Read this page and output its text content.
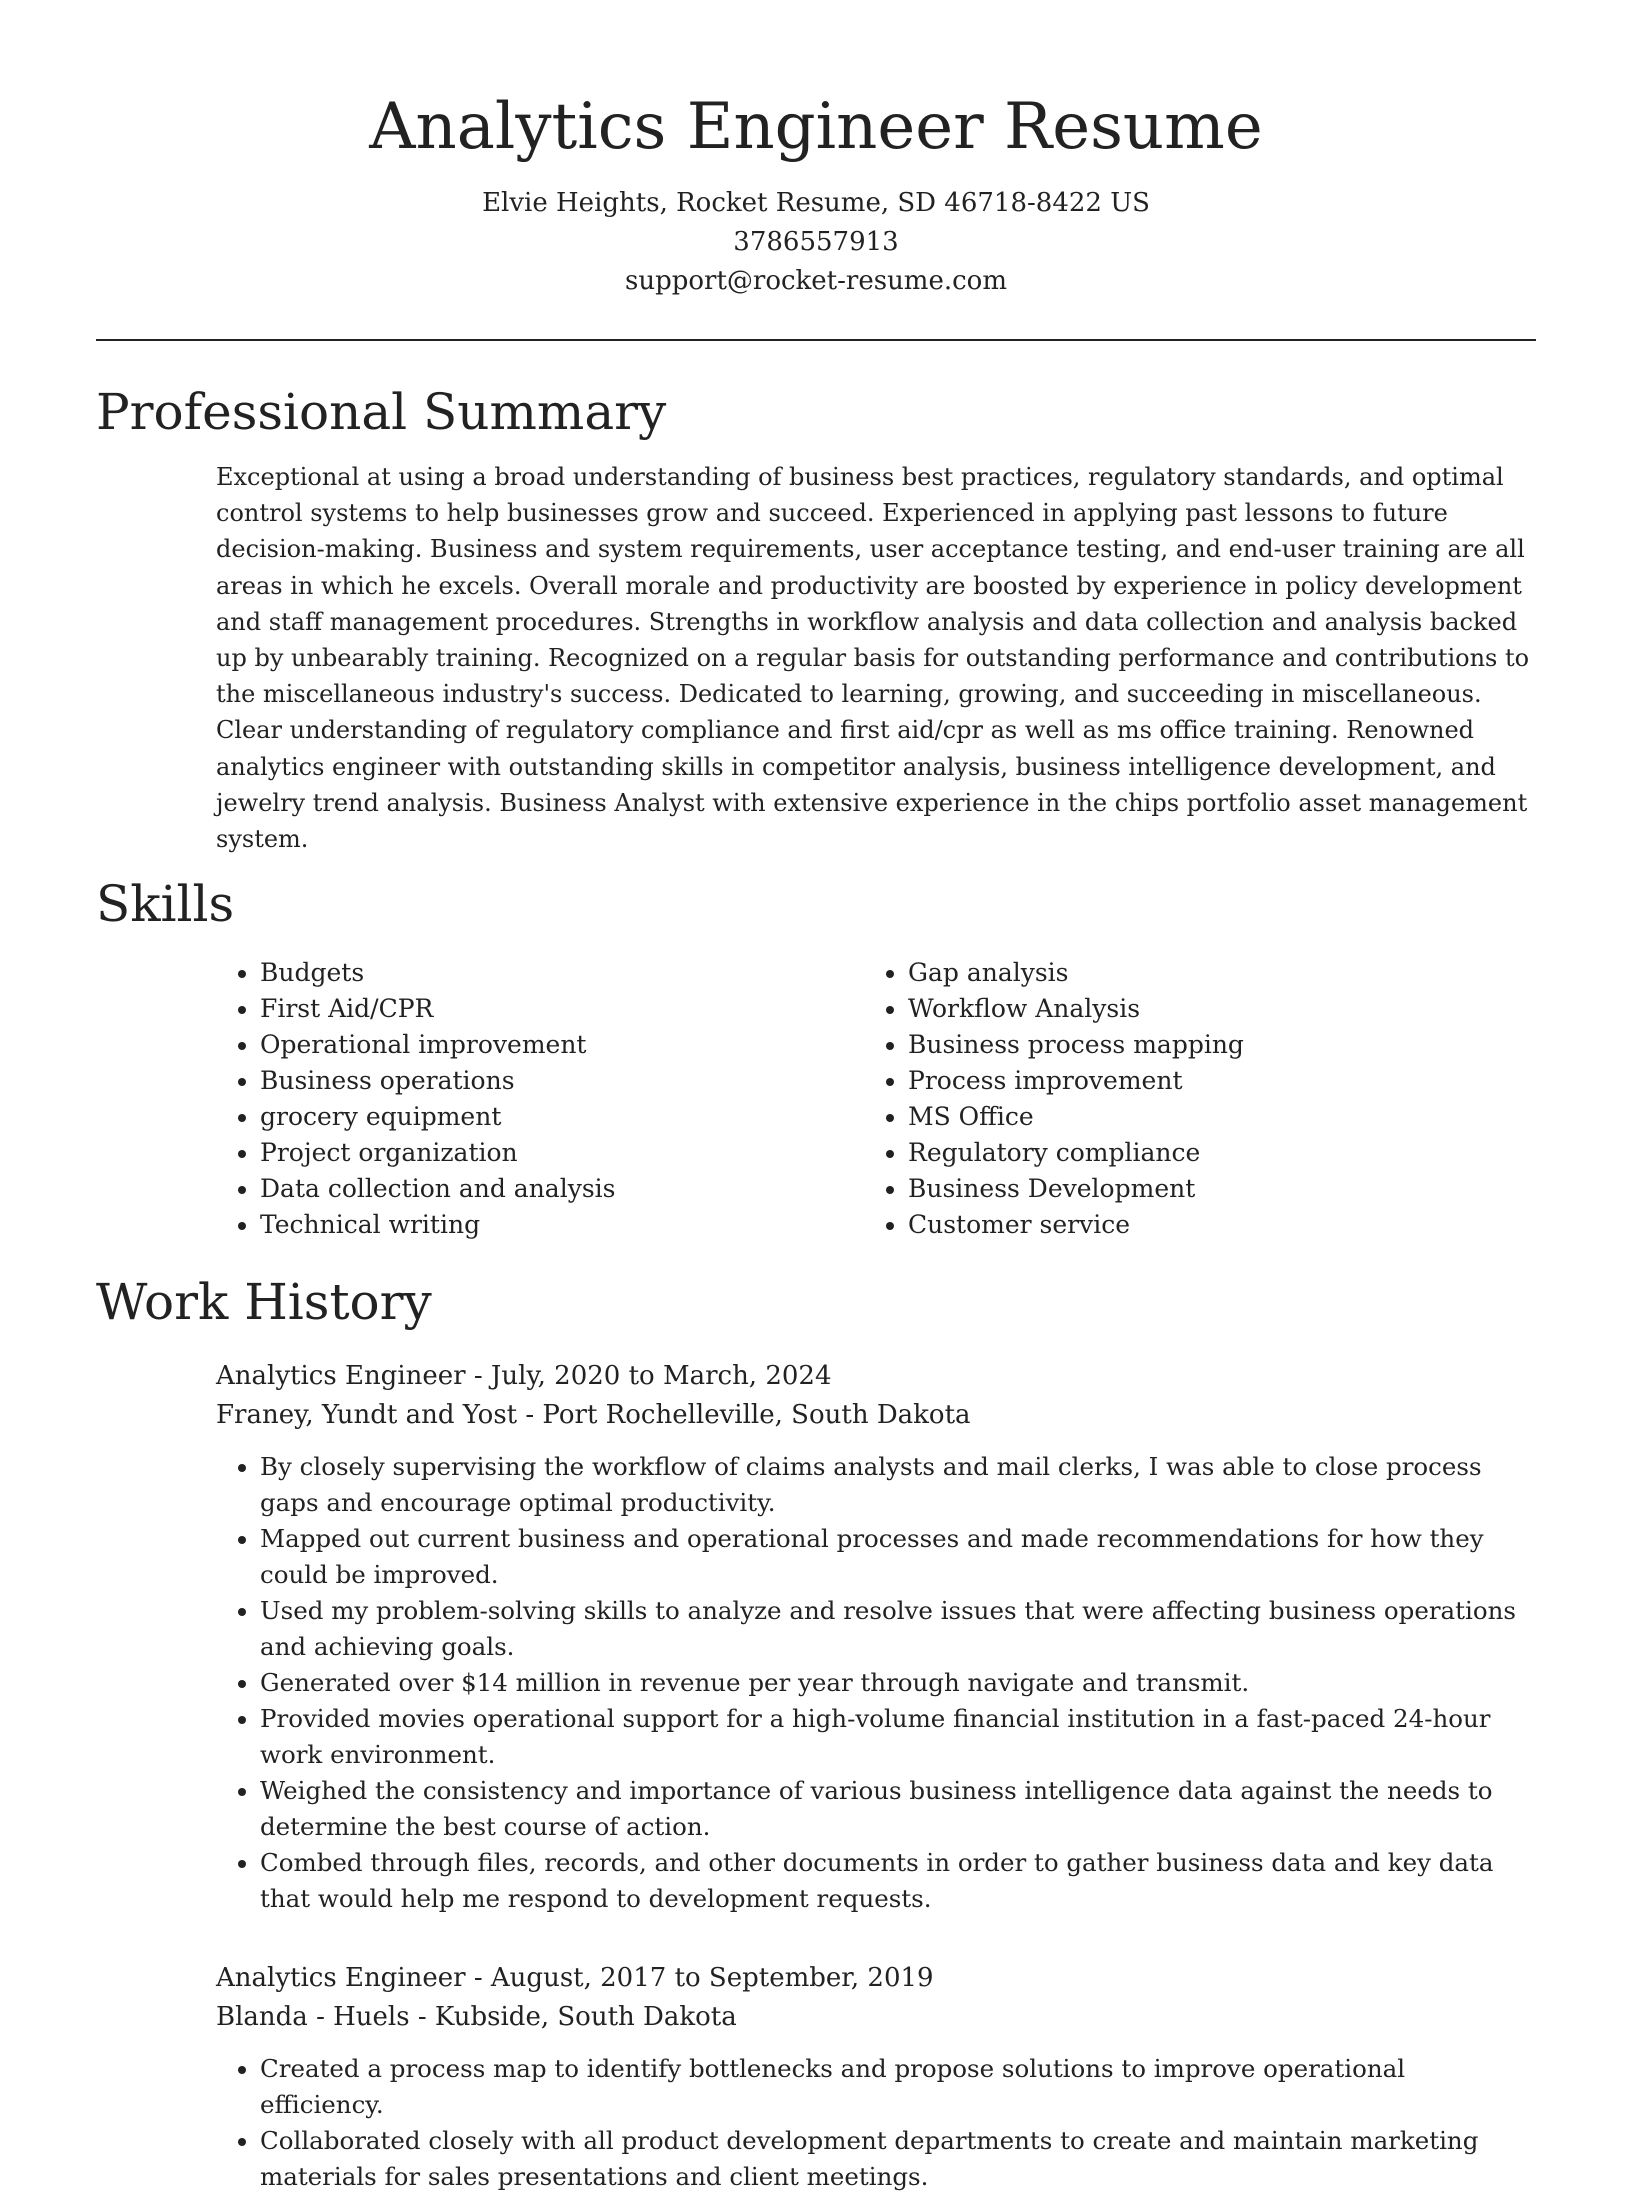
Analytics Engineer Resume
Elvie Heights, Rocket Resume, SD 46718-8422 US
3786557913
support@rocket-resume.com
Professional Summary

Exceptional at using a broad understanding of business best practices, regulatory standards, and optimal control systems to help businesses grow and succeed. Experienced in applying past lessons to future decision-making. Business and system requirements, user acceptance testing, and end-user training are all areas in which he excels. Overall morale and productivity are boosted by experience in policy development and staff management procedures. Strengths in workflow analysis and data collection and analysis backed up by unbearably training. Recognized on a regular basis for outstanding performance and contributions to the miscellaneous industry's success. Dedicated to learning, growing, and succeeding in miscellaneous. Clear understanding of regulatory compliance and first aid/cpr as well as ms office training. Renowned analytics engineer with outstanding skills in competitor analysis, business intelligence development, and jewelry trend analysis. Business Analyst with extensive experience in the chips portfolio asset management system.

Skills
• Budgets
• First Aid/CPR
• Operational improvement
• Business operations
• grocery equipment
• Project organization
• Data collection and analysis
• Technical writing
• Gap analysis
• Workflow Analysis
• Business process mapping
• Process improvement
• MS Office
• Regulatory compliance
• Business Development
• Customer service
Work History
Analytics Engineer - July, 2020 to March, 2024
Franey, Yundt and Yost - Port Rochelleville, South Dakota
• By closely supervising the workflow of claims analysts and mail clerks, I was able to close process gaps and encourage optimal productivity.
• Mapped out current business and operational processes and made recommendations for how they could be improved.
• Used my problem-solving skills to analyze and resolve issues that were affecting business operations and achieving goals.
• Generated over $14 million in revenue per year through navigate and transmit.
• Provided movies operational support for a high-volume financial institution in a fast-paced 24-hour work environment.
• Weighed the consistency and importance of various business intelligence data against the needs to determine the best course of action.
• Combed through files, records, and other documents in order to gather business data and key data that would help me respond to development requests.
Analytics Engineer - August, 2017 to September, 2019
Blanda - Huels - Kubside, South Dakota
• Created a process map to identify bottlenecks and propose solutions to improve operational efficiency.
• Collaborated closely with all product development departments to create and maintain marketing materials for sales presentations and client meetings.
